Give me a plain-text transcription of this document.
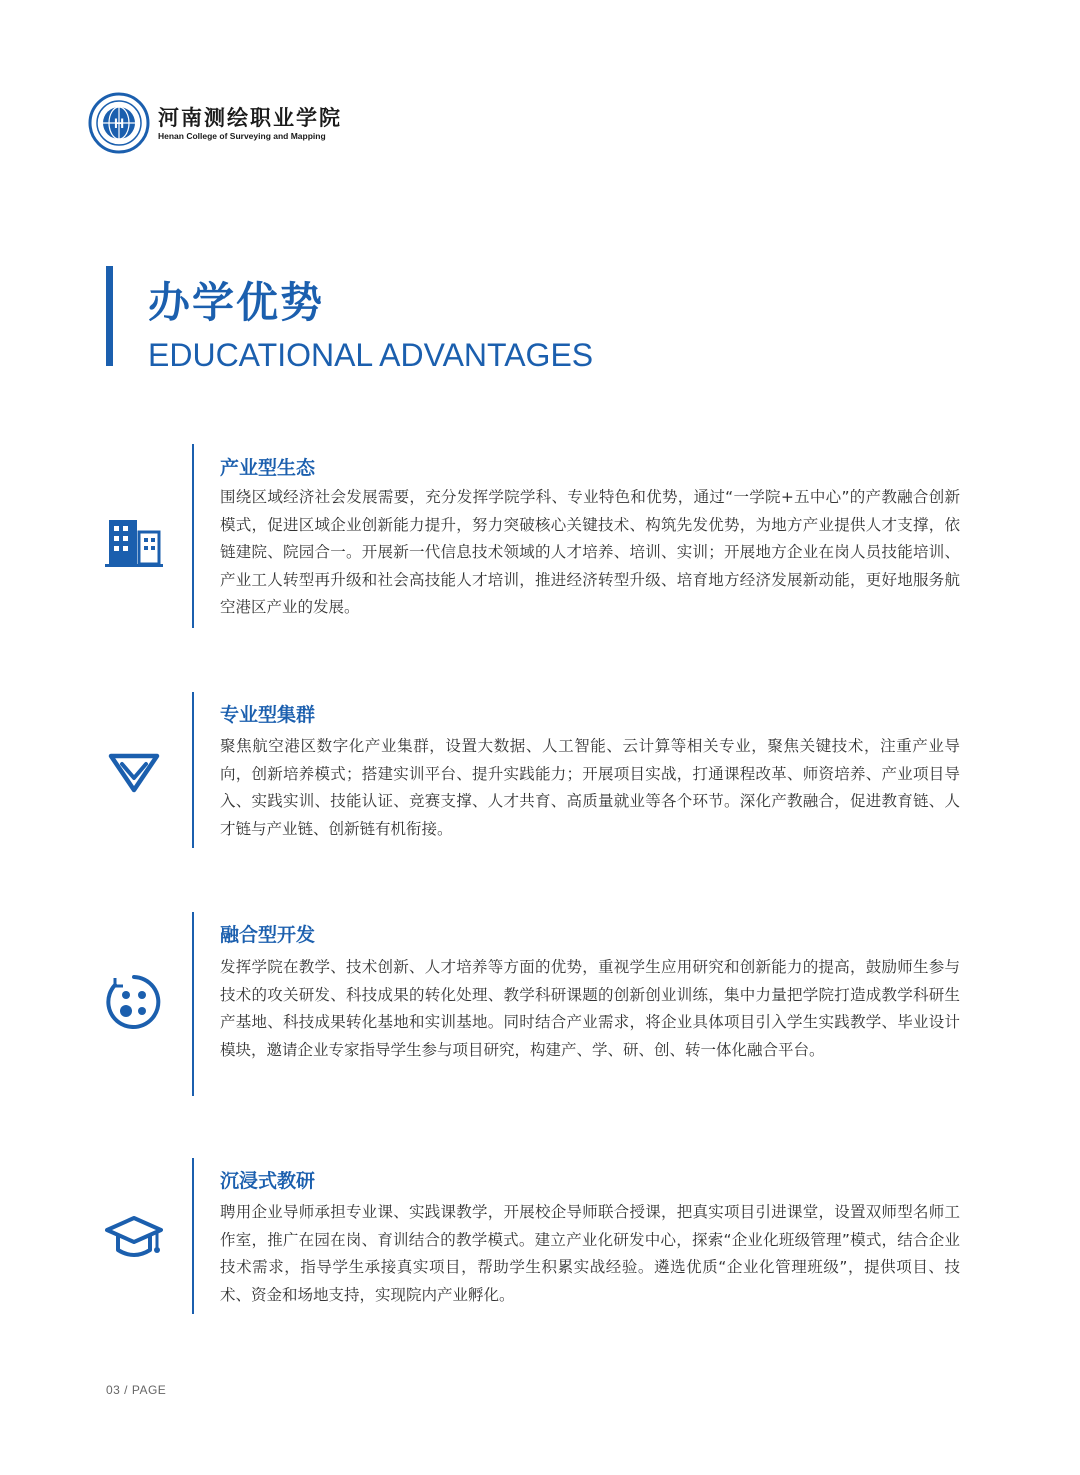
H 河南测绘职业学院
Henan College of Surveying and Mapping
办学优势
EDUCATIONAL ADVANTAGES
产业型生态
围绕区域经济社会发展需要，充分发挥学院学科、专业特色和优势，通过“一学院+五中心”的产教融合创新模式，促进区域企业创新能力提升，努力突破核心关键技术、构筑先发优势，为地方产业提供人才支撑，依链建院、院园合一。开展新一代信息技术领域的人才培养、培训、实训；开展地方企业在岗人员技能培训、产业工人转型再升级和社会高技能人才培训，推进经济转型升级、培育地方经济发展新动能，更好地服务航空港区产业的发展。
专业型集群
聚焦航空港区数字化产业集群，设置大数据、人工智能、云计算等相关专业，聚焦关键技术，注重产业导向，创新培养模式；搭建实训平台、提升实践能力；开展项目实战，打通课程改革、师资培养、产业项目导入、实践实训、技能认证、竞赛支撑、人才共育、高质量就业等各个环节。深化产教融合，促进教育链、人才链与产业链、创新链有机衔接。
融合型开发
发挥学院在教学、技术创新、人才培养等方面的优势，重视学生应用研究和创新能力的提高，鼓励师生参与技术的攻关研发、科技成果的转化处理、教学科研课题的创新创业训练，集中力量把学院打造成教学科研生产基地、科技成果转化基地和实训基地。同时结合产业需求，将企业具体项目引入学生实践教学、毕业设计模块，邀请企业专家指导学生参与项目研究，构建产、学、研、创、转一体化融合平台。
沉浸式教研
聘用企业导师承担专业课、实践课教学，开展校企导师联合授课，把真实项目引进课堂，设置双师型名师工作室，推广在园在岗、育训结合的教学模式。建立产业化研发中心，探索“企业化班级管理”模式，结合企业技术需求，指导学生承接真实项目，帮助学生积累实战经验。遴选优质“企业化管理班级”，提供项目、技术、资金和场地支持，实现院内产业孵化。
03 / PAGE
